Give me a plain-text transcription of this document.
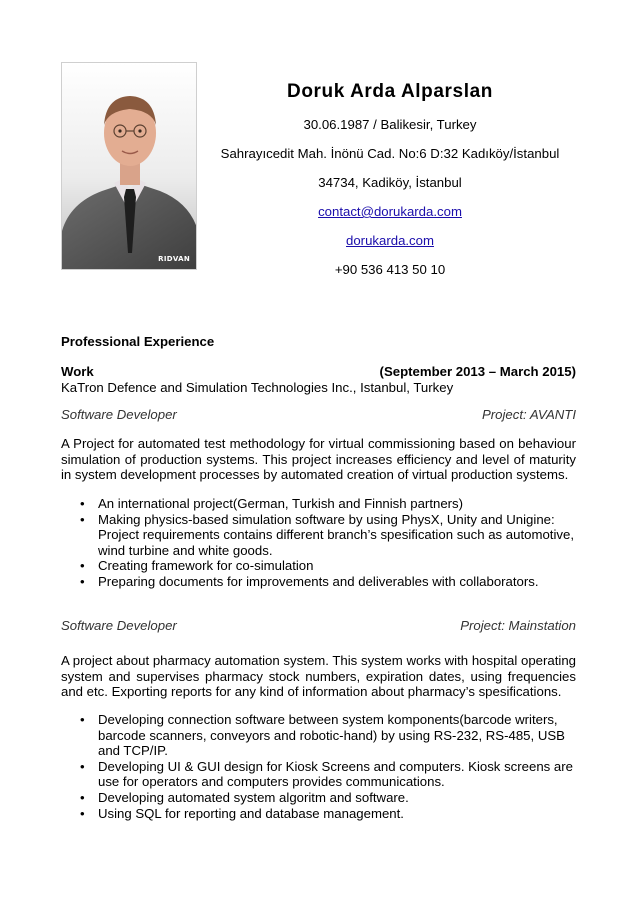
RIDVAN

Doruk Arda Alparslan

30.06.1987 / Balikesir, Turkey

Sahrayıcedit Mah. İnönü Cad. No:6 D:32 Kadıköy/İstanbul

34734, Kadiköy, İstanbul

contact@dorukarda.com

dorukarda.com

+90 536 413 50 10

Professional Experience
Work	(September 2013 – March 2015)
KaTron Defence and Simulation Technologies Inc., Istanbul, Turkey
Software Developer	Project: AVANTI
A Project for automated test methodology for virtual commissioning based on behaviour simulation of production systems. This project increases efficiency and level of maturity in system development processes by automated creation of virtual production systems.
• An international project(German, Turkish and Finnish partners)
• Making physics-based simulation software by using PhysX, Unity and Unigine: Project requirements contains different branch’s spesification such as automotive, wind turbine and white goods.
• Creating framework for co-simulation
• Preparing documents for improvements and deliverables with collaborators.
Software Developer	Project: Mainstation
A project about pharmacy automation system. This system works with hospital operating system and supervises pharmacy stock numbers, expiration dates, using frequencies and etc. Exporting reports for any kind of information about pharmacy’s spesifications.
• Developing connection software between system komponents(barcode writers, barcode scanners, conveyors and robotic-hand) by using RS-232, RS-485, USB and TCP/IP.
• Developing UI & GUI design for Kiosk Screens and computers. Kiosk screens are use for operators and computers provides communications.
• Developing automated system algoritm and software.
• Using SQL for reporting and database management.
